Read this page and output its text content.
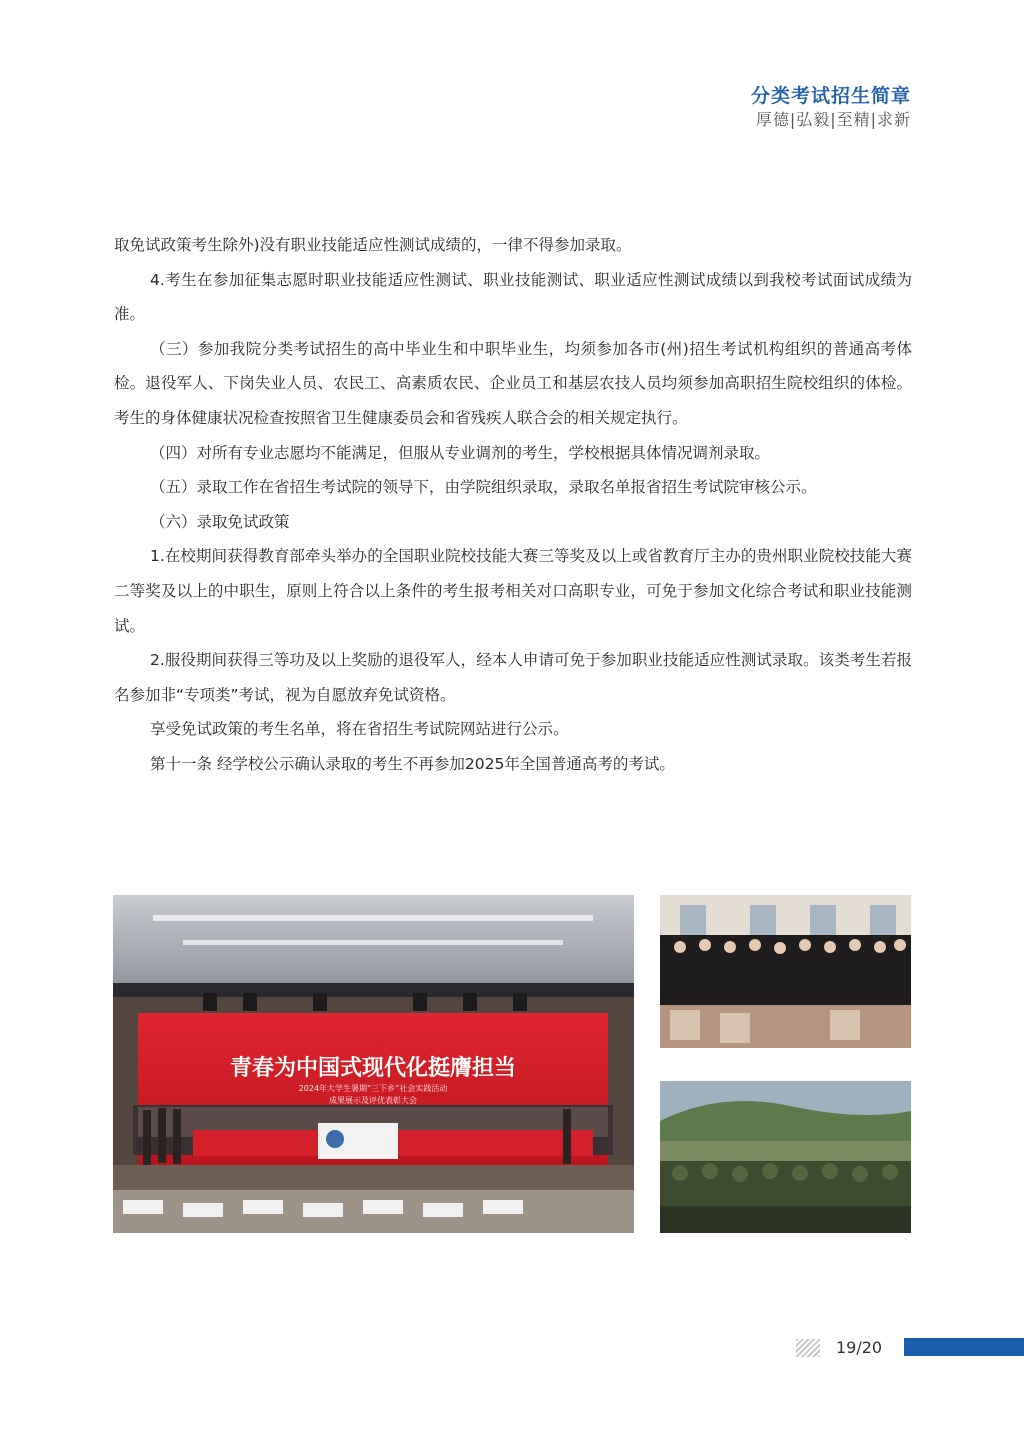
分类考试招生简章
厚德|弘毅|至精|求新

取免试政策考生除外)没有职业技能适应性测试成绩的，一律不得参加录取。

4.考生在参加征集志愿时职业技能适应性测试、职业技能测试、职业适应性测试成绩以到我校考试面试成绩为准。

（三）参加我院分类考试招生的高中毕业生和中职毕业生，均须参加各市(州)招生考试机构组织的普通高考体检。退役军人、下岗失业人员、农民工、高素质农民、企业员工和基层农技人员均须参加高职招生院校组织的体检。考生的身体健康状况检查按照省卫生健康委员会和省残疾人联合会的相关规定执行。

（四）对所有专业志愿均不能满足，但服从专业调剂的考生，学校根据具体情况调剂录取。

（五）录取工作在省招生考试院的领导下，由学院组织录取，录取名单报省招生考试院审核公示。

（六）录取免试政策

1.在校期间获得教育部牵头举办的全国职业院校技能大赛三等奖及以上或省教育厅主办的贵州职业院校技能大赛二等奖及以上的中职生，原则上符合以上条件的考生报考相关对口高职专业，可免于参加文化综合考试和职业技能测试。

2.服役期间获得三等功及以上奖励的退役军人，经本人申请可免于参加职业技能适应性测试录取。该类考生若报名参加非“专项类”考试，视为自愿放弃免试资格。

享受免试政策的考生名单，将在省招生考试院网站进行公示。

第十一条 经学校公示确认录取的考生不再参加2025年全国普通高考的考试。

青春为中国式现代化挺膺担当
2024年大学生暑期“三下乡”社会实践活动
成果展示及评优表彰大会
19/20
